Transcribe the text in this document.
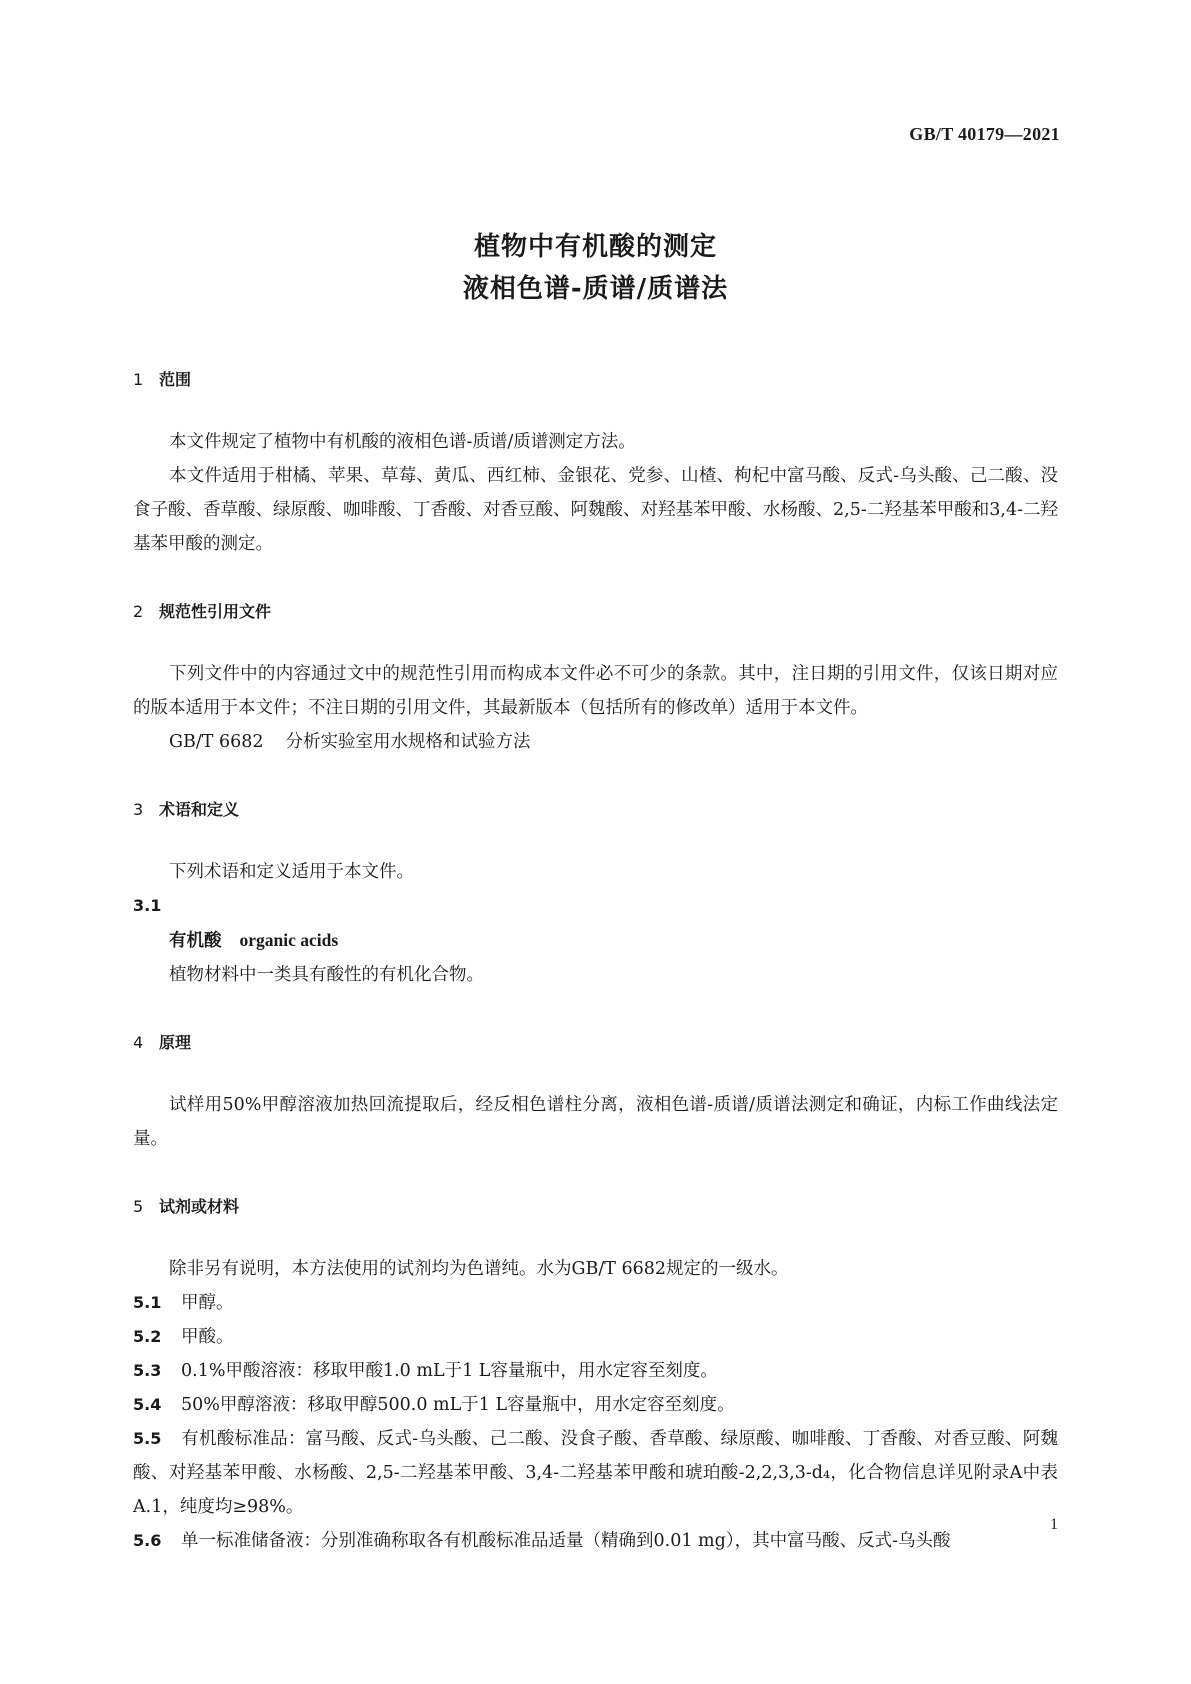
GB/T 40179—2021
植物中有机酸的测定
液相色谱-质谱/质谱法
1 范围

本文件规定了植物中有机酸的液相色谱-质谱/质谱测定方法。

本文件适用于柑橘、苹果、草莓、黄瓜、西红柿、金银花、党参、山楂、枸杞中富马酸、反式-乌头酸、己二酸、没食子酸、香草酸、绿原酸、咖啡酸、丁香酸、对香豆酸、阿魏酸、对羟基苯甲酸、水杨酸、2,5-二羟基苯甲酸和3,4-二羟基苯甲酸的测定。

2 规范性引用文件

下列文件中的内容通过文中的规范性引用而构成本文件必不可少的条款。其中，注日期的引用文件，仅该日期对应的版本适用于本文件；不注日期的引用文件，其最新版本（包括所有的修改单）适用于本文件。

GB/T 6682 分析实验室用水规格和试验方法

3 术语和定义

下列术语和定义适用于本文件。

3.1

有机酸 organic acids

植物材料中一类具有酸性的有机化合物。

4 原理

试样用50%甲醇溶液加热回流提取后，经反相色谱柱分离，液相色谱-质谱/质谱法测定和确证，内标工作曲线法定量。

5 试剂或材料

除非另有说明，本方法使用的试剂均为色谱纯。水为GB/T 6682规定的一级水。

5.1 甲醇。

5.2 甲酸。

5.3 0.1%甲酸溶液：移取甲酸1.0 mL于1 L容量瓶中，用水定容至刻度。

5.4 50%甲醇溶液：移取甲醇500.0 mL于1 L容量瓶中，用水定容至刻度。

5.5 有机酸标准品：富马酸、反式-乌头酸、己二酸、没食子酸、香草酸、绿原酸、咖啡酸、丁香酸、对香豆酸、阿魏酸、对羟基苯甲酸、水杨酸、2,5-二羟基苯甲酸、3,4-二羟基苯甲酸和琥珀酸-2,2,3,3-d₄，化合物信息详见附录A中表A.1，纯度均≥98%。

5.6 单一标准储备液：分别准确称取各有机酸标准品适量（精确到0.01 mg），其中富马酸、反式-乌头酸

1
